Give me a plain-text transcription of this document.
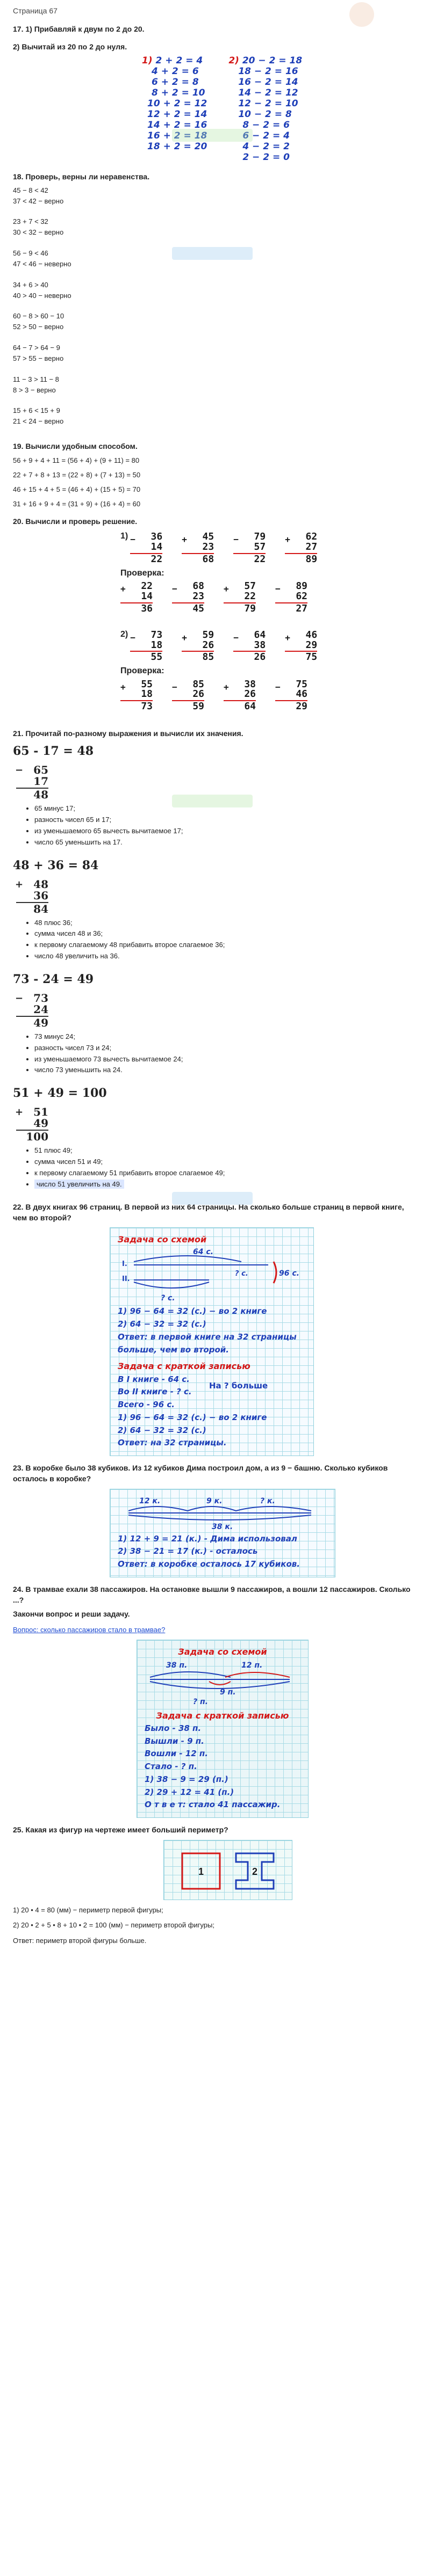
Страница 67
17. 1) Прибавляй к двум по 2 до 20.
2) Вычитай из 20 по 2 до нуля.
1) 2 + 2 = 4
4 + 2 = 6
6 + 2 = 8
8 + 2 = 10
10 + 2 = 12
12 + 2 = 14
14 + 2 = 16
16 + 2 = 18
18 + 2 = 20
2) 20 − 2 = 18
18 − 2 = 16
16 − 2 = 14
14 − 2 = 12
12 − 2 = 10
10 − 2 = 8
8 − 2 = 6
6 − 2 = 4
4 − 2 = 2
2 − 2 = 0
18. Проверь, верны ли неравенства.
45 − 8 < 42
37 < 42 − верно
23 + 7 < 32
30 < 32 − верно
56 − 9 < 46
47 < 46 − неверно
34 + 6 > 40
40 > 40 − неверно
60 − 8 > 60 − 10
52 > 50 − верно
64 − 7 > 64 − 9
57 > 55 − верно
11 − 3 > 11 − 8
8 > 3 − верно
15 + 6 < 15 + 9
21 < 24 − верно
19. Вычисли удобным способом.
56 + 9 + 4 + 11 = (56 + 4) + (9 + 11) = 80
22 + 7 + 8 + 13 = (22 + 8) + (7 + 13) = 50
46 + 15 + 4 + 5 = (46 + 4) + (15 + 5) = 70
31 + 16 + 9 + 4 = (31 + 9) + (16 + 4) = 60
20. Вычисли и проверь решение.
1) −	36
14
22
+	45
23
68
−	79
57
22
+	62
27
89
Проверка:
+	22
14
36
−	68
23
45
+	57
22
79
−	89
62
27
2) −	73
18
55
+	59
26
85
−	64
38
26
+	46
29
75
Проверка:
+	55
18
73
−	85
26
59
+	38
26
64
−	75
46
29
21. Прочитай по-разному выражения и вычисли их значения.
65 - 17 = 48
− 65
17
48
• 65 минус 17;
• разность чисел 65 и 17;
• из уменьшаемого 65 вычесть вычитаемое 17;
• число 65 уменьшить на 17.
48 + 36 = 84
+ 48
36
84
• 48 плюс 36;
• сумма чисел 48 и 36;
• к первому слагаемому 48 прибавить второе слагаемое 36;
• число 48 увеличить на 36.
73 - 24 = 49
− 73
24
49
• 73 минус 24;
• разность чисел 73 и 24;
• из уменьшаемого 73 вычесть вычитаемое 24;
• число 73 уменьшить на 24.
51 + 49 = 100
+ 51
49
100
• 51 плюс 49;
• сумма чисел 51 и 49;
• к первому слагаемому 51 прибавить второе слагаемое 49;
• число 51 увеличить на 49.
22. В двух книгах 96 страниц. В первой из них 64 страницы. На сколько больше страниц в первой книге, чем во второй?
Задача со схемой
64 с.
I.
II.
? с.	96 с.
? с.
1) 96 − 64 = 32 (с.) − во 2 книге
2) 64 − 32 = 32 (с.)
Ответ: в первой книге на 32 страницы
больше, чем во второй.
Задача с краткой записью
В I книге - 64 с.
Во II книге - ? с.
Всего - 96 с.
1) 96 − 64 = 32 (с.) − во 2 книге
2) 64 − 32 = 32 (с.)
Ответ: на 32 страницы.
На ? больше
23. В коробке было 38 кубиков. Из 12 кубиков Дима построил дом, а из 9 − башню. Сколько кубиков осталось в коробке?
12 к.	9 к.	? к.
38 к.
1) 12 + 9 = 21 (к.) - Дима использовал
2) 38 − 21 = 17 (к.) - осталось
Ответ: в коробке осталось 17 кубиков.
24. В трамвае ехали 38 пассажиров. На остановке вышли 9 пассажиров, а вошли 12 пассажиров. Сколько ...?
Закончи вопрос и реши задачу.
Вопрос: сколько пассажиров стало в трамвае?
Задача со схемой
38 п.	12 п.
9 п.
? п.
Задача с краткой записью
Было - 38 п.
Вышли - 9 п.
Вошли - 12 п.
Стало - ? п.
1) 38 − 9 = 29 (п.)
2) 29 + 12 = 41 (п.)
О т в е т: стало 41 пассажир.
25. Какая из фигур на чертеже имеет больший периметр?
1	2
1) 20 • 4 = 80 (мм) − периметр первой фигуры;
2) 20 • 2 + 5 • 8 + 10 • 2 = 100 (мм) − периметр второй фигуры;
Ответ: периметр второй фигуры больше.
